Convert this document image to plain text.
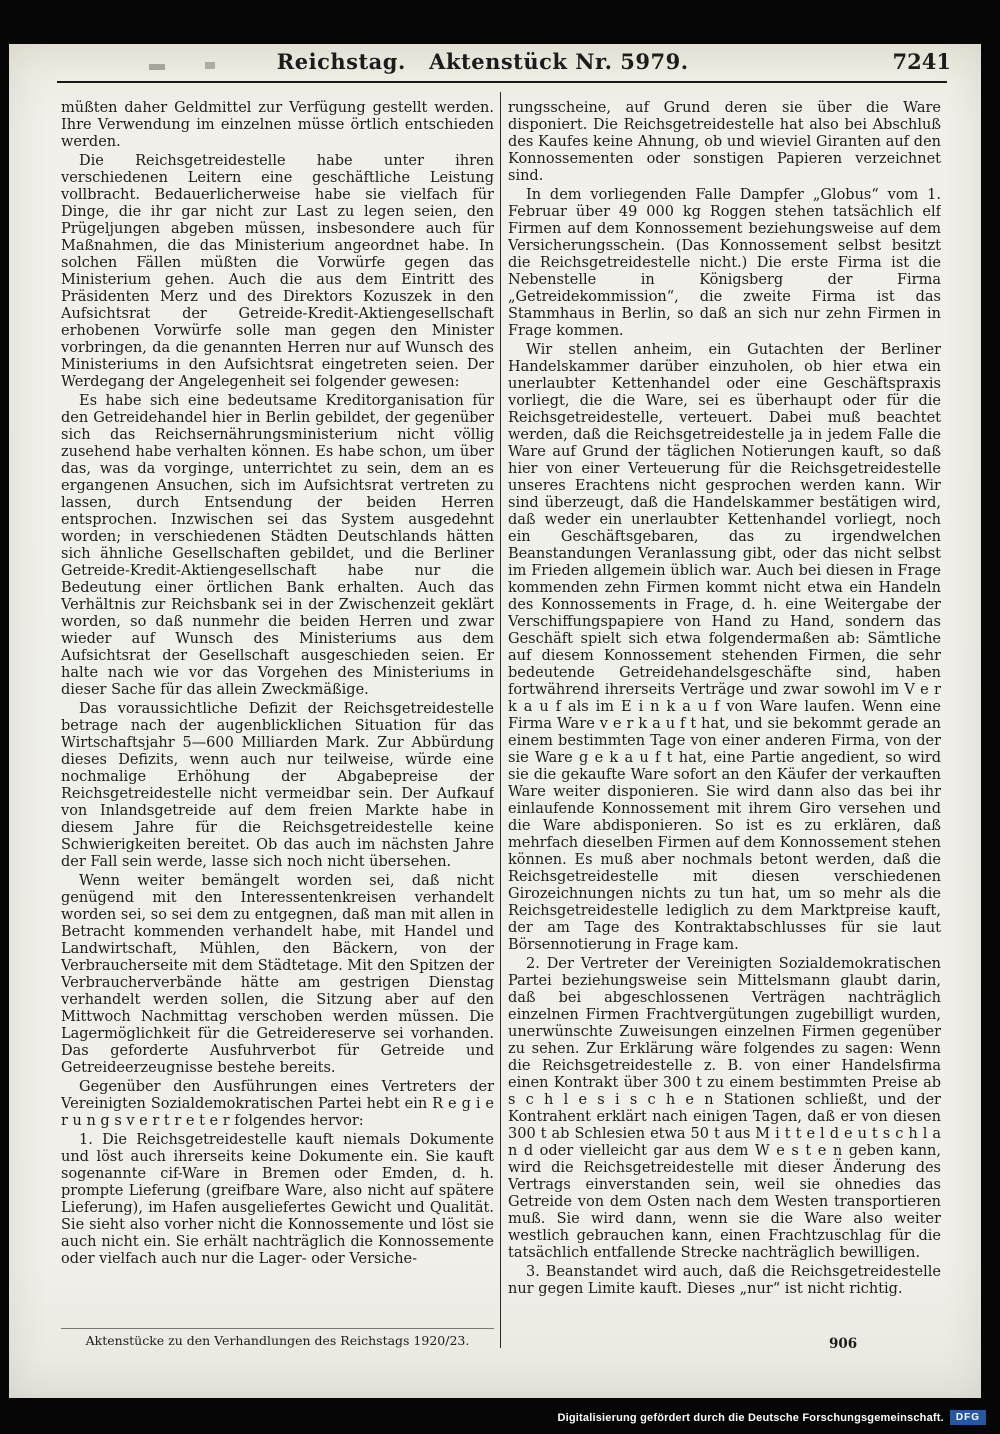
Reichstag.   Aktenstück Nr. 5979.	7241

müßten daher Geldmittel zur Verfügung gestellt werden. Ihre Verwendung im einzelnen müsse örtlich entschieden werden.

Die Reichsgetreidestelle habe unter ihren verschiedenen Leitern eine geschäftliche Leistung vollbracht. Bedauerlicherweise habe sie vielfach für Dinge, die ihr gar nicht zur Last zu legen seien, den Prügeljungen abgeben müssen, insbesondere auch für Maßnahmen, die das Ministerium angeordnet habe. In solchen Fällen müßten die Vorwürfe gegen das Ministerium gehen. Auch die aus dem Eintritt des Präsidenten Merz und des Direktors Kozuszek in den Aufsichtsrat der Getreide-Kredit-Aktiengesellschaft erhobenen Vorwürfe solle man gegen den Minister vorbringen, da die genannten Herren nur auf Wunsch des Ministeriums in den Aufsichtsrat eingetreten seien. Der Werdegang der Angelegenheit sei folgender gewesen:

Es habe sich eine bedeutsame Kreditorganisation für den Getreidehandel hier in Berlin gebildet, der gegenüber sich das Reichsernährungsministerium nicht völlig zusehend habe verhalten können. Es habe schon, um über das, was da vorginge, unterrichtet zu sein, dem an es ergangenen Ansuchen, sich im Aufsichtsrat vertreten zu lassen, durch Entsendung der beiden Herren entsprochen. Inzwischen sei das System ausgedehnt worden; in verschiedenen Städten Deutschlands hätten sich ähnliche Gesellschaften gebildet, und die Berliner Getreide-Kredit-Aktiengesellschaft habe nur die Bedeutung einer örtlichen Bank erhalten. Auch das Verhältnis zur Reichsbank sei in der Zwischenzeit geklärt worden, so daß nunmehr die beiden Herren und zwar wieder auf Wunsch des Ministeriums aus dem Aufsichtsrat der Gesellschaft ausgeschieden seien. Er halte nach wie vor das Vorgehen des Ministeriums in dieser Sache für das allein Zweckmäßige.

Das voraussichtliche Defizit der Reichsgetreidestelle betrage nach der augenblicklichen Situation für das Wirtschaftsjahr 5—600 Milliarden Mark. Zur Abbürdung dieses Defizits, wenn auch nur teilweise, würde eine nochmalige Erhöhung der Abgabepreise der Reichsgetreidestelle nicht vermeidbar sein. Der Aufkauf von Inlandsgetreide auf dem freien Markte habe in diesem Jahre für die Reichsgetreidestelle keine Schwierigkeiten bereitet. Ob das auch im nächsten Jahre der Fall sein werde, lasse sich noch nicht übersehen.

Wenn weiter bemängelt worden sei, daß nicht genügend mit den Interessentenkreisen verhandelt worden sei, so sei dem zu entgegnen, daß man mit allen in Betracht kommenden verhandelt habe, mit Handel und Landwirtschaft, Mühlen, den Bäckern, von der Verbraucherseite mit dem Städtetage. Mit den Spitzen der Verbraucherverbände hätte am gestrigen Dienstag verhandelt werden sollen, die Sitzung aber auf den Mittwoch Nachmittag verschoben werden müssen. Die Lagermöglichkeit für die Getreidereserve sei vorhanden. Das geforderte Ausfuhrverbot für Getreide und Getreideerzeugnisse bestehe bereits.

Gegenüber den Ausführungen eines Vertreters der Vereinigten Sozialdemokratischen Partei hebt ein R e g i e r u n g s v e r t r e t e r folgendes hervor:

1. Die Reichsgetreidestelle kauft niemals Dokumente und löst auch ihrerseits keine Dokumente ein. Sie kauft sogenannte cif-Ware in Bremen oder Emden, d. h. prompte Lieferung (greifbare Ware, also nicht auf spätere Lieferung), im Hafen ausgeliefertes Gewicht und Qualität. Sie sieht also vorher nicht die Konnossemente und löst sie auch nicht ein. Sie erhält nachträglich die Konnossemente oder vielfach auch nur die Lager- oder Versiche-

rungsscheine, auf Grund deren sie über die Ware disponiert. Die Reichsgetreidestelle hat also bei Abschluß des Kaufes keine Ahnung, ob und wieviel Giranten auf den Konnossementen oder sonstigen Papieren verzeichnet sind.

In dem vorliegenden Falle Dampfer „Globus“ vom 1. Februar über 49 000 kg Roggen stehen tatsächlich elf Firmen auf dem Konnossement beziehungsweise auf dem Versicherungsschein. (Das Konnossement selbst besitzt die Reichsgetreidestelle nicht.) Die erste Firma ist die Nebenstelle in Königsberg der Firma „Getreidekommission“, die zweite Firma ist das Stammhaus in Berlin, so daß an sich nur zehn Firmen in Frage kommen.

Wir stellen anheim, ein Gutachten der Berliner Handelskammer darüber einzuholen, ob hier etwa ein unerlaubter Kettenhandel oder eine Geschäftspraxis vorliegt, die die Ware, sei es überhaupt oder für die Reichsgetreidestelle, verteuert. Dabei muß beachtet werden, daß die Reichsgetreidestelle ja in jedem Falle die Ware auf Grund der täglichen Notierungen kauft, so daß hier von einer Verteuerung für die Reichsgetreidestelle unseres Erachtens nicht gesprochen werden kann. Wir sind überzeugt, daß die Handelskammer bestätigen wird, daß weder ein unerlaubter Kettenhandel vorliegt, noch ein Geschäftsgebaren, das zu irgendwelchen Beanstandungen Veranlassung gibt, oder das nicht selbst im Frieden allgemein üblich war. Auch bei diesen in Frage kommenden zehn Firmen kommt nicht etwa ein Handeln des Konnossements in Frage, d. h. eine Weitergabe der Verschiffungspapiere von Hand zu Hand, sondern das Geschäft spielt sich etwa folgendermaßen ab: Sämtliche auf diesem Konnossement stehenden Firmen, die sehr bedeutende Getreidehandelsgeschäfte sind, haben fortwährend ihrerseits Verträge und zwar sowohl im V e r k a u f als im E i n k a u f von Ware laufen. Wenn eine Firma Ware v e r k a u f t hat, und sie bekommt gerade an einem bestimmten Tage von einer anderen Firma, von der sie Ware g e k a u f t hat, eine Partie angedient, so wird sie die gekaufte Ware sofort an den Käufer der verkauften Ware weiter disponieren. Sie wird dann also das bei ihr einlaufende Konnossement mit ihrem Giro versehen und die Ware abdisponieren. So ist es zu erklären, daß mehrfach dieselben Firmen auf dem Konnossement stehen können. Es muß aber nochmals betont werden, daß die Reichsgetreidestelle mit diesen verschiedenen Girozeichnungen nichts zu tun hat, um so mehr als die Reichsgetreidestelle lediglich zu dem Marktpreise kauft, der am Tage des Kontraktabschlusses für sie laut Börsennotierung in Frage kam.

2. Der Vertreter der Vereinigten Sozialdemokratischen Partei beziehungsweise sein Mittelsmann glaubt darin, daß bei abgeschlossenen Verträgen nachträglich einzelnen Firmen Frachtvergütungen zugebilligt wurden, unerwünschte Zuweisungen einzelnen Firmen gegenüber zu sehen. Zur Erklärung wäre folgendes zu sagen: Wenn die Reichsgetreidestelle z. B. von einer Handelsfirma einen Kontrakt über 300 t zu einem bestimmten Preise ab s c h l e s i s c h e n Stationen schließt, und der Kontrahent erklärt nach einigen Tagen, daß er von diesen 300 t ab Schlesien etwa 50 t aus M i t t e l d e u t s c h l a n d oder vielleicht gar aus dem W e s t e n geben kann, wird die Reichsgetreidestelle mit dieser Änderung des Vertrags einverstanden sein, weil sie ohnedies das Getreide von dem Osten nach dem Westen transportieren muß. Sie wird dann, wenn sie die Ware also weiter westlich gebrauchen kann, einen Frachtzuschlag für die tatsächlich entfallende Strecke nachträglich bewilligen.

3. Beanstandet wird auch, daß die Reichsgetreidestelle nur gegen Limite kauft. Dieses „nur“ ist nicht richtig.

Aktenstücke zu den Verhandlungen des Reichstags 1920/23.	906
Digitalisierung gefördert durch die Deutsche Forschungsgemeinschaft.	DFG
